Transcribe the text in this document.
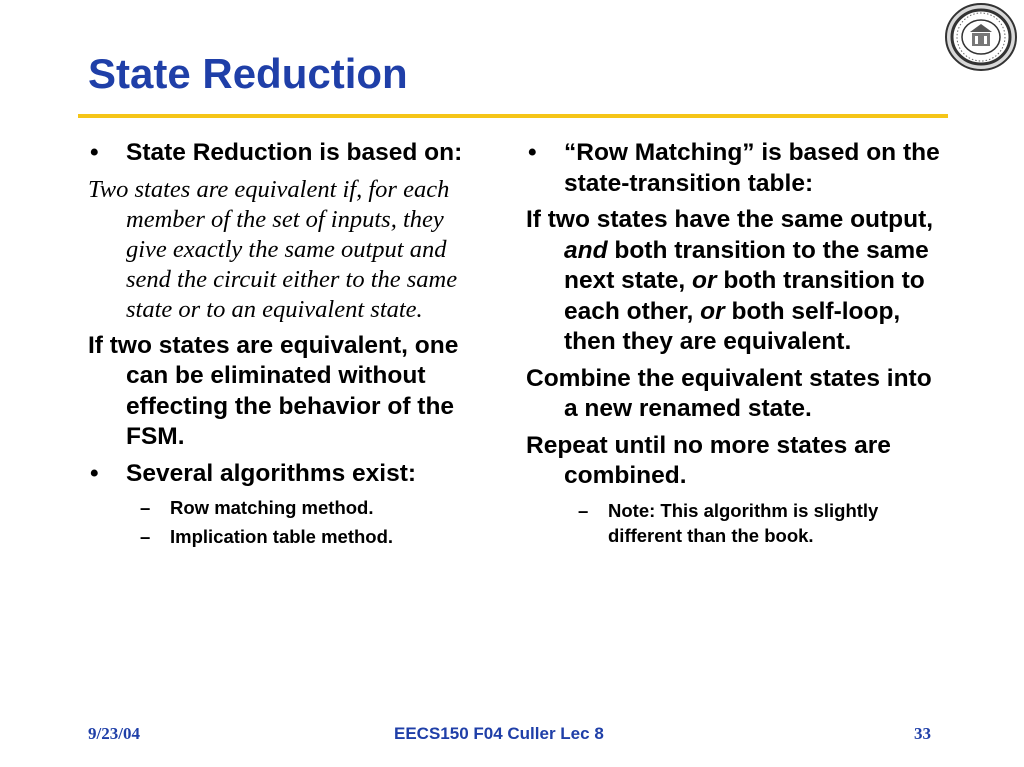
State Reduction
• State Reduction is based on:
Two states are equivalent if, for each member of the set of inputs, they give exactly the same output and send the circuit either to the same state or to an equivalent state.
If two states are equivalent, one can be eliminated without effecting the behavior of the FSM.
• Several algorithms exist:
– Row matching method.
– Implication table method.
• “Row Matching” is based on the state-transition table:
If two states have the same output, and both transition to the same next state, or both transition to each other, or both self-loop, then they are equivalent.
Combine the equivalent states into a new renamed state.
Repeat until no more states are combined.
– Note: This algorithm is slightly different than the book.
9/23/04	EECS150 F04 Culler Lec 8	33
